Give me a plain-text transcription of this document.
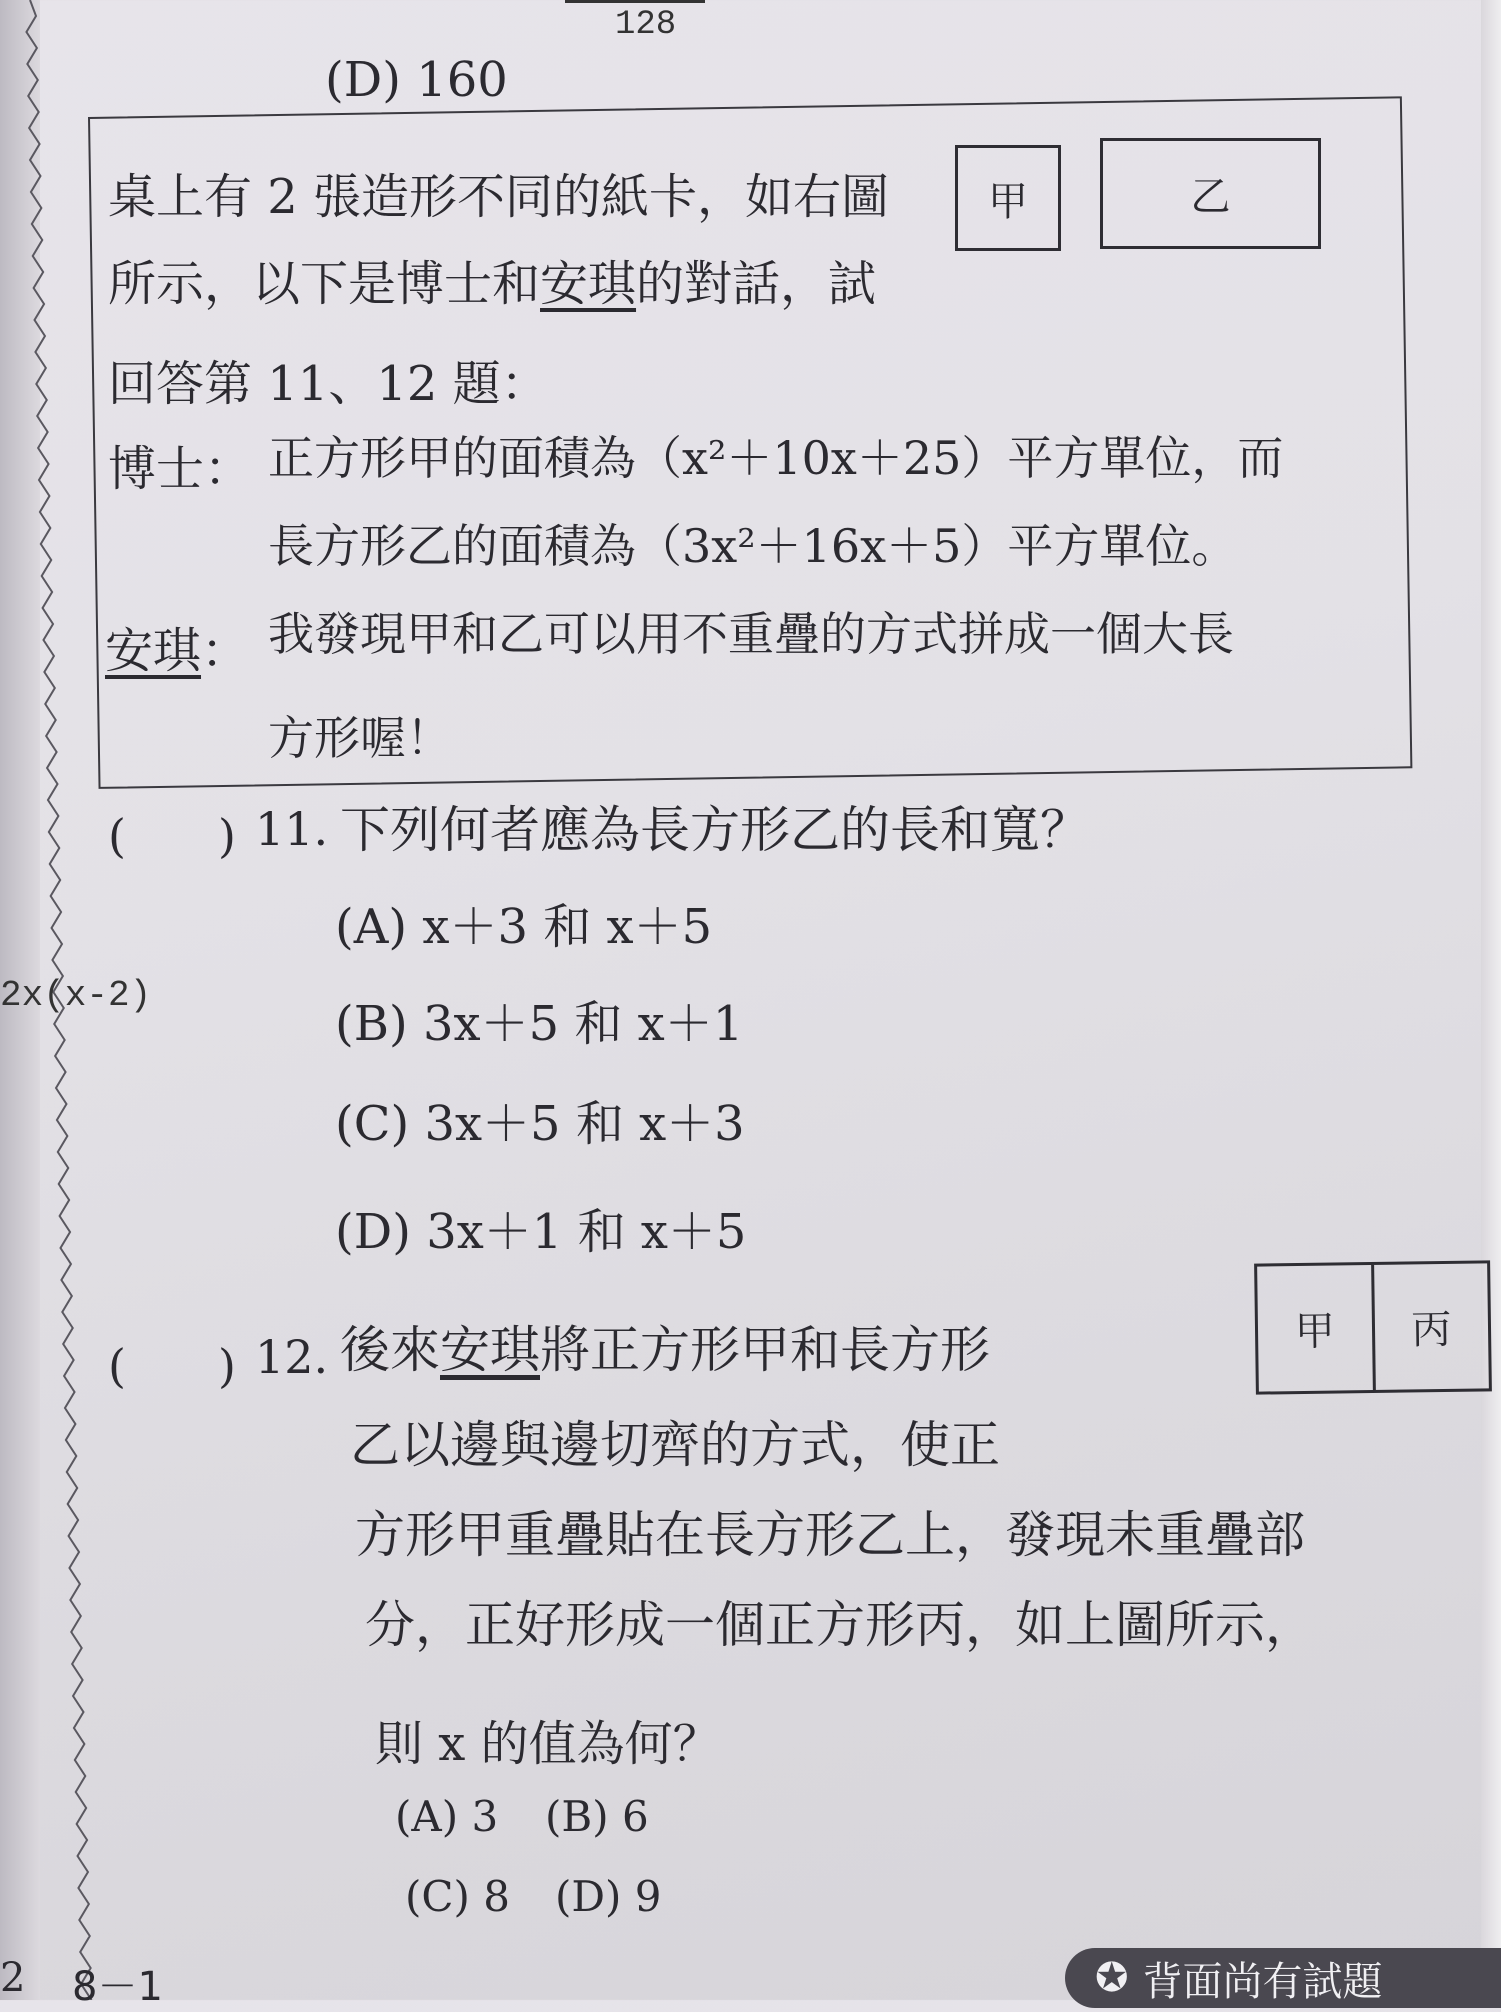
128
(D) 160
桌上有 2 張造形不同的紙卡，如右圖
所示，以下是博士和安琪的對話，試
回答第 11、12 題：
甲	乙
博士： 正方形甲的面積為（x²＋10x＋25）平方單位，而
長方形乙的面積為（3x²＋16x＋5）平方單位。
安琪： 我發現甲和乙可以用不重疊的方式拼成一個大長
方形喔！
(　　) 11. 下列何者應為長方形乙的長和寬？
(A) x＋3 和 x＋5
(B) 3x＋5 和 x＋1
(C) 3x＋5 和 x＋3
(D) 3x＋1 和 x＋5
2x(x-2)
(　　) 12. 後來安琪將正方形甲和長方形
乙以邊與邊切齊的方式，使正
方形甲重疊貼在長方形乙上，發現未重疊部
分，正好形成一個正方形丙，如上圖所示，
則 x 的值為何？
甲	丙
(A) 3 (B) 6
(C) 8 (D) 9
2 8－1	✪ 背面尚有試題
